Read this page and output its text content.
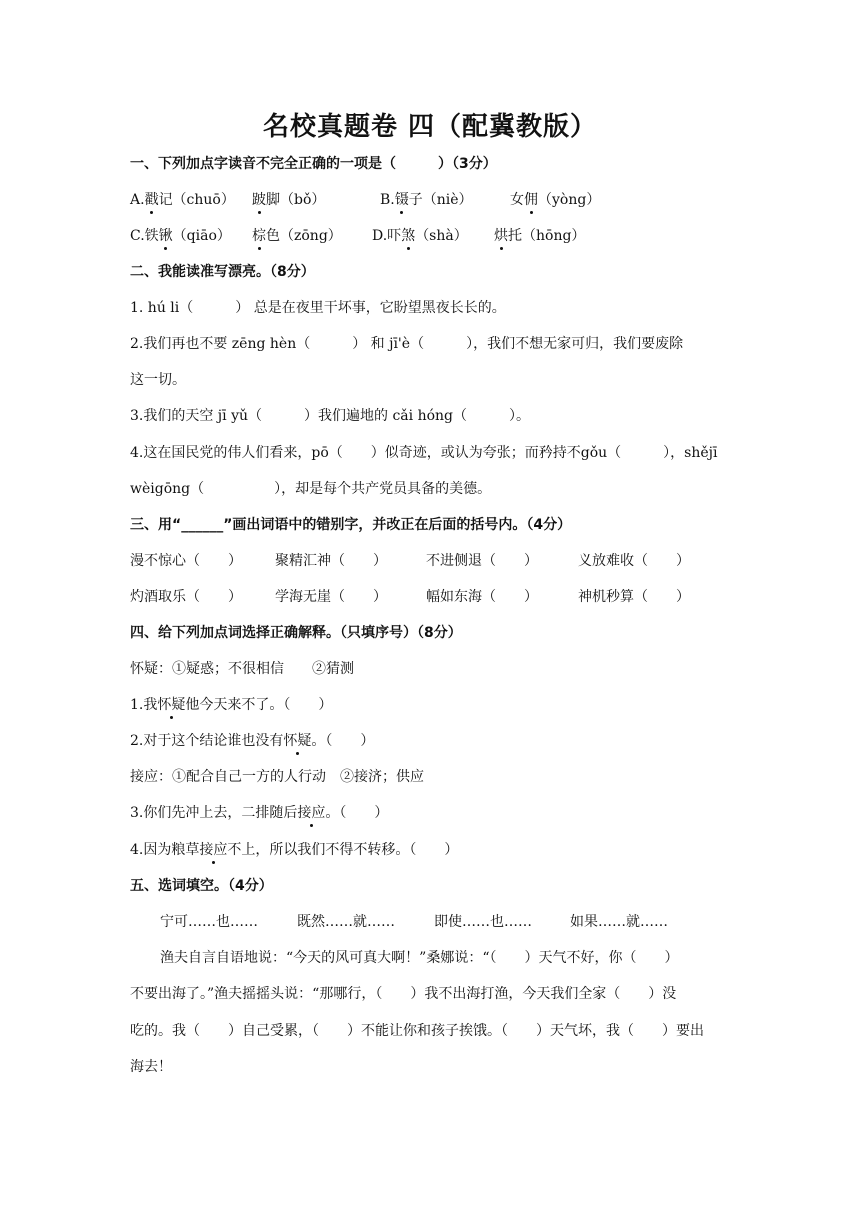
名校真题卷 四（配冀教版）
一、下列加点字读音不完全正确的一项是（　　　）（3分）
A.戳记（chuō） 跛脚（bǒ）	B.镊子（niè）	女佣（yòng）
C.铁锹（qiāo） 棕色（zōng） D.吓煞（shà） 烘托（hōng）
二、我能读准写漂亮。（8分）
1. hú li（　　　） 总是在夜里干坏事，它盼望黑夜长长的。
2.我们再也不要 zēng hèn（　　　） 和 jī'è（　　　），我们不想无家可归，我们要废除
这一切。
3.我们的天空 jī yǔ（　　　）我们遍地的 cǎi hóng（　　　）。
4.这在国民党的伟人们看来，pō（　　）似奇迹，或认为夸张；而矜持不gǒu（　　　），shějī
wèigōng（　　　　　），却是每个共产党员具备的美德。
三、用“______”画出词语中的错别字，并改正在后面的括号内。（4分）
漫不惊心（　　） 聚精汇神（　　）	不进侧退（　　）	义放难收（　　）
灼酒取乐（　　） 学海无崖（　　）	幅如东海（　　）	神机秒算（　　）
四、给下列加点词选择正确解释。（只填序号）（8分）
怀疑：①疑惑；不很相信　　②猜测
1.我怀疑他今天来不了。（　　）
2.对于这个结论谁也没有怀疑。（　　）
接应：①配合自己一方的人行动　②接济；供应
3.你们先冲上去，二排随后接应。（　　）
4.因为粮草接应不上，所以我们不得不转移。（　　）
五、选词填空。（4分）
宁可……也……	既然……就……	即使……也……	如果……就……
渔夫自言自语地说：“今天的风可真大啊！”桑娜说：“（　　）天气不好，你（　　）
不要出海了。”渔夫摇摇头说：“那哪行，（　　）我不出海打渔，今天我们全家（　　）没
吃的。我（　　）自己受累，（　　）不能让你和孩子挨饿。（　　）天气坏，我（　　）要出
海去！
